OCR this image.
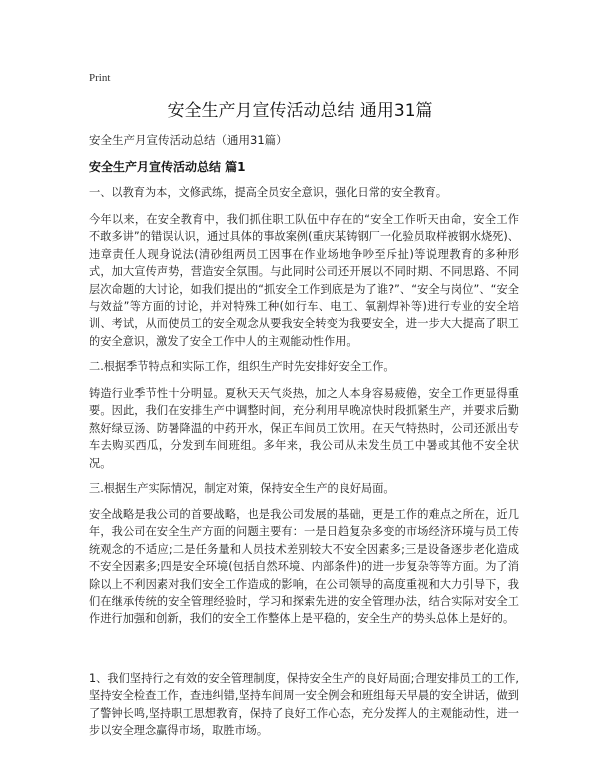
Print
安全生产月宣传活动总结 通用31篇
安全生产月宣传活动总结（通用31篇）
安全生产月宣传活动总结 篇1

一、以教育为本，文修武练，提高全员安全意识，强化日常的安全教育。

今年以来，在安全教育中，我们抓住职工队伍中存在的“安全工作听天由命，安全工作不敢多讲”的错误认识，通过具体的事故案例(重庆某铸钢厂一化验员取样被钢水烧死)、违章责任人现身说法(清砂组两员工因事在作业场地争吵至斥扯)等说理教育的多种形式，加大宣传声势，营造安全氛围。与此同时公司还开展以不同时期、不同思路、不同层次命题的大讨论，如我们提出的“抓安全工作到底是为了谁?”、“安全与岗位”、“安全与效益”等方面的讨论，并对特殊工种(如行车、电工、氧割焊补等)进行专业的安全培训、考试，从而使员工的安全观念从要我安全转变为我要安全，进一步大大提高了职工的安全意识，激发了安全工作中人的主观能动性作用。

二.根据季节特点和实际工作，组织生产时先安排好安全工作。

铸造行业季节性十分明显。夏秋天天气炎热，加之人本身容易疲倦，安全工作更显得重要。因此，我们在安排生产中调整时间，充分利用早晚凉快时段抓紧生产，并要求后勤熬好绿豆汤、防暑降温的中药开水，保正车间员工饮用。在天气特热时，公司还派出专车去购买西瓜，分发到车间班组。多年来，我公司从未发生员工中暑或其他不安全状况。

三.根据生产实际情况，制定对策，保持安全生产的良好局面。

安全战略是我公司的首要战略，也是我公司发展的基础，更是工作的难点之所在，近几年，我公司在安全生产方面的问题主要有：一是日趋复杂多变的市场经济环境与员工传统观念的不适应;二是任务量和人员技术差别较大不安全因素多;三是设备逐步老化造成不安全因素多;四是安全环境(包括自然环境、内部条件)的进一步复杂等等方面。为了消除以上不利因素对我们安全工作造成的影响，在公司领导的高度重视和大力引导下，我们在继承传统的安全管理经验时，学习和探索先进的安全管理办法，结合实际对安全工作进行加强和创新，我们的安全工作整体上是平稳的，安全生产的势头总体上是好的。

1、我们坚持行之有效的安全管理制度，保持安全生产的良好局面;合理安排员工的工作,坚持安全检查工作，查违纠错,坚持车间周一安全例会和班组每天早晨的安全讲话，做到了警钟长鸣,坚持职工思想教育，保持了良好工作心态，充分发挥人的主观能动性，进一步以安全理念赢得市场，取胜市场。
